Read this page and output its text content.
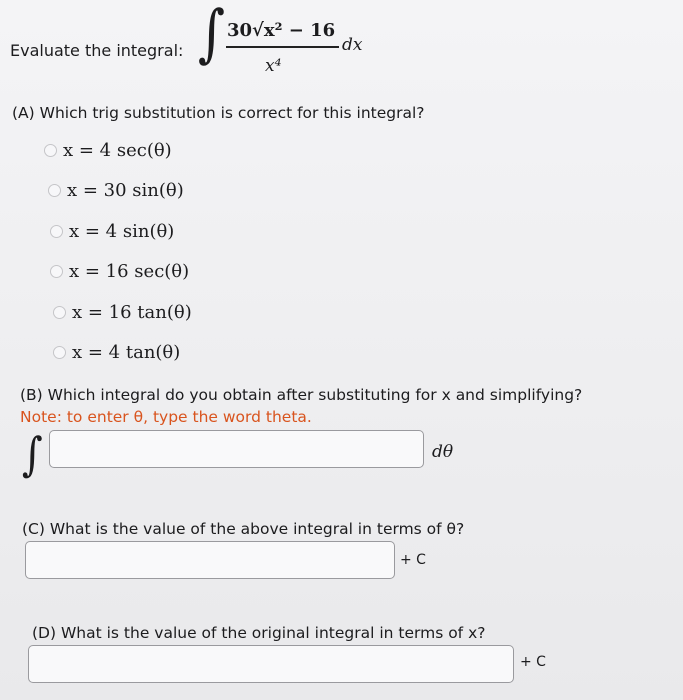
Evaluate the integral: ∫ 30√x² − 16
x⁴
dx
(A) Which trig substitution is correct for this integral?
x = 4 sec(θ)
x = 30 sin(θ)
x = 4 sin(θ)
x = 16 sec(θ)
x = 16 tan(θ)
x = 4 tan(θ)
(B) Which integral do you obtain after substituting for x and simplifying?
Note: to enter θ, type the word theta.
∫	dθ
(C) What is the value of the above integral in terms of θ?
+ C
(D) What is the value of the original integral in terms of x?
+ C
